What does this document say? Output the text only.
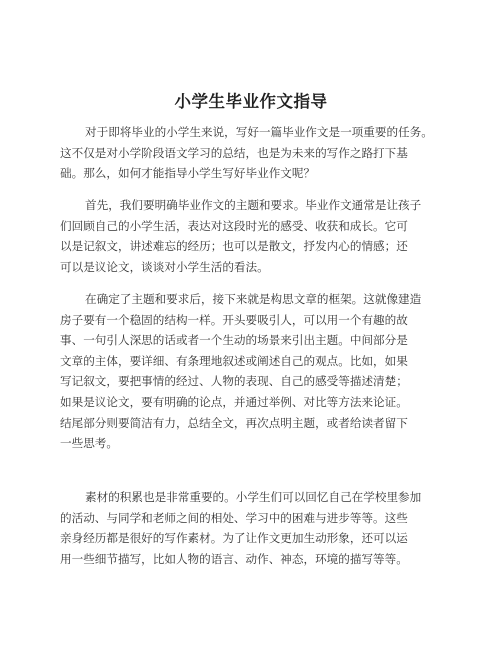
小学生毕业作文指导
对于即将毕业的小学生来说，写好一篇毕业作文是一项重要的任务。
这不仅是对小学阶段语文学习的总结，也是为未来的写作之路打下基
础。那么，如何才能指导小学生写好毕业作文呢？
首先，我们要明确毕业作文的主题和要求。毕业作文通常是让孩子
们回顾自己的小学生活，表达对这段时光的感受、收获和成长。它可
以是记叙文，讲述难忘的经历；也可以是散文，抒发内心的情感；还
可以是议论文，谈谈对小学生活的看法。
在确定了主题和要求后，接下来就是构思文章的框架。这就像建造
房子要有一个稳固的结构一样。开头要吸引人，可以用一个有趣的故
事、一句引人深思的话或者一个生动的场景来引出主题。中间部分是
文章的主体，要详细、有条理地叙述或阐述自己的观点。比如，如果
写记叙文，要把事情的经过、人物的表现、自己的感受等描述清楚；
如果是议论文，要有明确的论点，并通过举例、对比等方法来论证。
结尾部分则要简洁有力，总结全文，再次点明主题，或者给读者留下
一些思考。
素材的积累也是非常重要的。小学生们可以回忆自己在学校里参加
的活动、与同学和老师之间的相处、学习中的困难与进步等等。这些
亲身经历都是很好的写作素材。为了让作文更加生动形象，还可以运
用一些细节描写，比如人物的语言、动作、神态，环境的描写等等。
